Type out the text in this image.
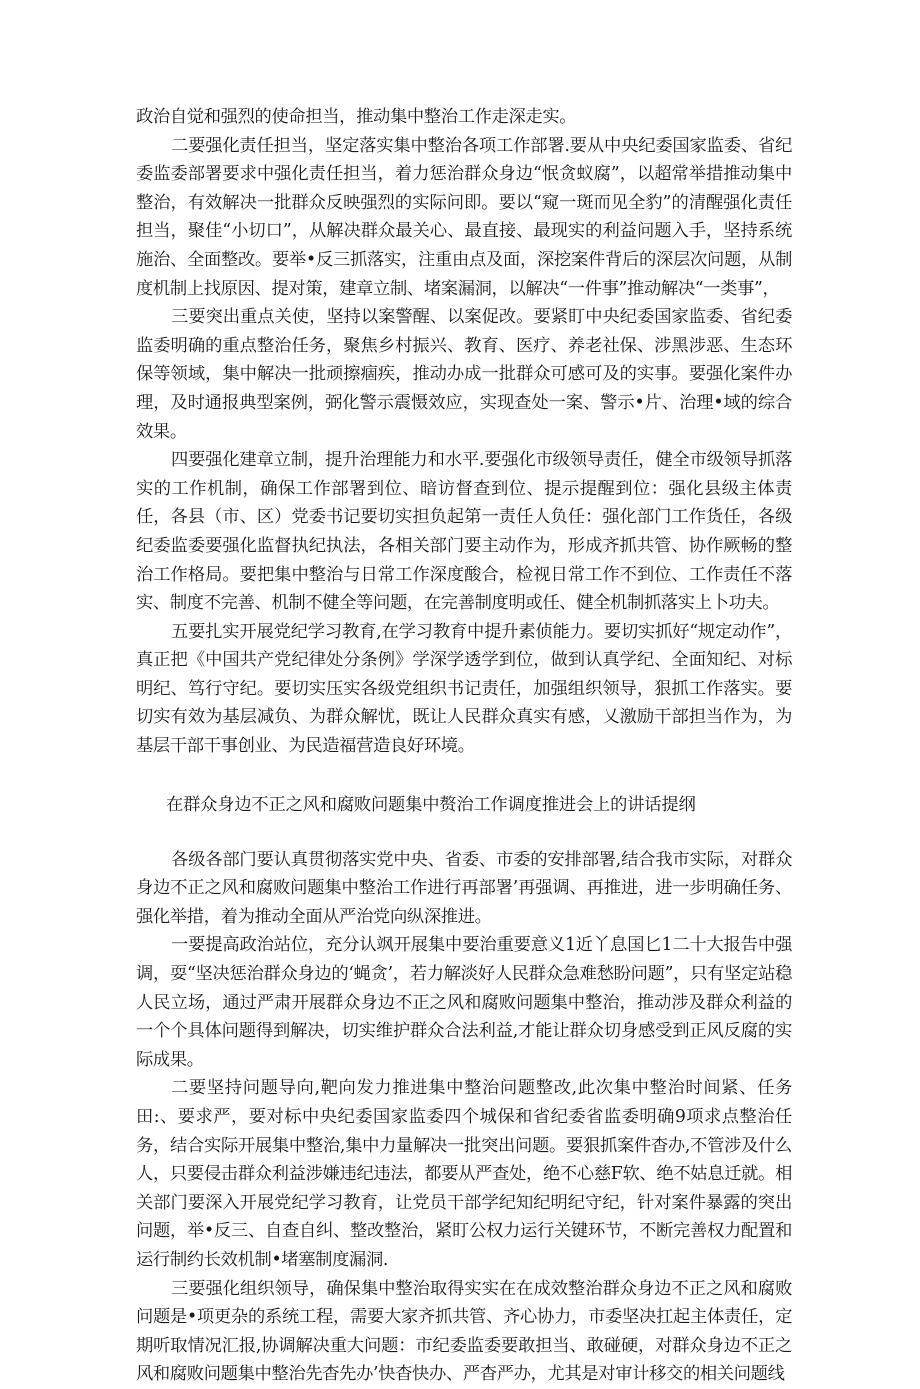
政治自觉和强烈的使命担当，推动集中整治工作走深走实。

二要强化责任担当，坚定落实集中整治各项工作部署.要从中央纪委国家监委、省纪委监委部署要求中强化责任担当，着力惩治群众身边“怋贪蚁腐”，以超常举措推动集中整治，有效解决一批群众反映强烈的实际问即。要以“窥一斑而见全豹”的清醒强化责任担当，聚佳“小切口”，从解决群众最关心、最直接、最现实的利益问题入手，坚持系统施治、全面整改。要举•反三抓落实，注重由点及面，深挖案件背后的深层次问题，从制度机制上找原因、提对策，建章立制、堵案漏洞，以解决“一件事”推动解决“一类事”，

三要突出重点关使，坚持以案警醒、以案促改。要紧盯中央纪委国家监委、省纪委监委明确的重点整治任务，聚焦乡村振兴、教育、医疗、养老社保、涉黑涉恶、生态环保等领域，集中解决一批顽擦痼疾，推动办成一批群众可感可及的实事。要强化案件办理，及时通报典型案例，弼化警示震慑效应，实现查处一案、警示•片、治理•域的综合效果。

四要强化建章立制，提升治理能力和水平.要强化市级领导责任，健全市级领导抓落实的工作机制，确保工作部署到位、暗访督查到位、提示提醒到位：强化县级主体责任，各县（市、区）党委书记要切实担负起第一责任人负任：强化部门工作货任，各级纪委监委要强化监督执纪执法，各相关部门要主动作为，形成齐抓共管、协作厥畅的整治工作格局。要把集中整治与日常工作深度酸合，检视日常工作不到位、工作责任不落实、制度不完善、机制不健全等问题，在完善制度明或任、健全机制抓落实上卜功夫。

五要扎实开展党纪学习教育,在学习教育中提升素侦能力。要切实抓好“规定动作”，真正把《中国共产党纪律处分条例》学深学透学到位，做到认真学纪、全面知纪、对标明纪、笃行守纪。要切实压实各级党组织书记责任，加强组织领导，狠抓工作落实。要切实有效为基层减负、为群众解忧，既让人民群众真实有感，乂激励干部担当作为，为基层干部干事创业、为民造福营造良好环境。

在群众身边不正之风和腐败问题集中赘治工作调度推进会上的讲话提纲

各级各部门要认真贯彻落实党中央、省委、市委的安排部署,结合我市实际，对群众身边不正之风和腐败问题集中整治工作进行再部署’再强调、再推进，进一步明确任务、强化举措，着为推动全面从严治党向纵深推进。

一要提高政治站位，充分认飒开展集中要治重要意义1近丫息国匕1二十大报告中强调，耍“坚决惩治群众身边的‘蝇贪’，若力解淡好人民群众急难愁盼问题”，只有坚定站稳人民立场，通过严肃开展群众身边不正之风和腐败问题集中整治，推动涉及群众利益的一个个具体问题得到解决，切实维护群众合法利益,才能让群众切身感受到正风反腐的实际成果。

二要坚持问题导向,靶向发力推进集中整治问题整改,此次集中整治时间紧、任务田:、要求严，要对标中央纪委国家监委四个城保和省纪委省监委明确9项求点整治任务，结合实际开展集中整治,集中力量解决一批突出问题。要狠抓案件杳办,不管涉及什么人，只要侵击群众利益涉嫌违纪违法，都要从严查处，绝不心慈F软、绝不姑息迁就。相关部门要深入开展党纪学习教育，让党员干部学纪知纪明纪守纪，针对案件暴露的突出问题，举•反三、自查自纠、整改整治，紧盯公权力运行关键环节，不断完善权力配置和运行制约长效机制•堵塞制度漏洞.

三要强化组织领导，确保集中整治取得实实在在成效整治群众身边不正之风和腐败问题是•项更杂的系统工程，需要大家齐抓共管、齐心协力，市委坚决扛起主体责任，定期听取情况汇报,协调解决重大问题：市纪委监委要敢担当、敢碰硬，对群众身边不正之风和腐败问题集中整治先杳先办’快杳快办、严杳严办，尤其是对审计移交的相关问题线
